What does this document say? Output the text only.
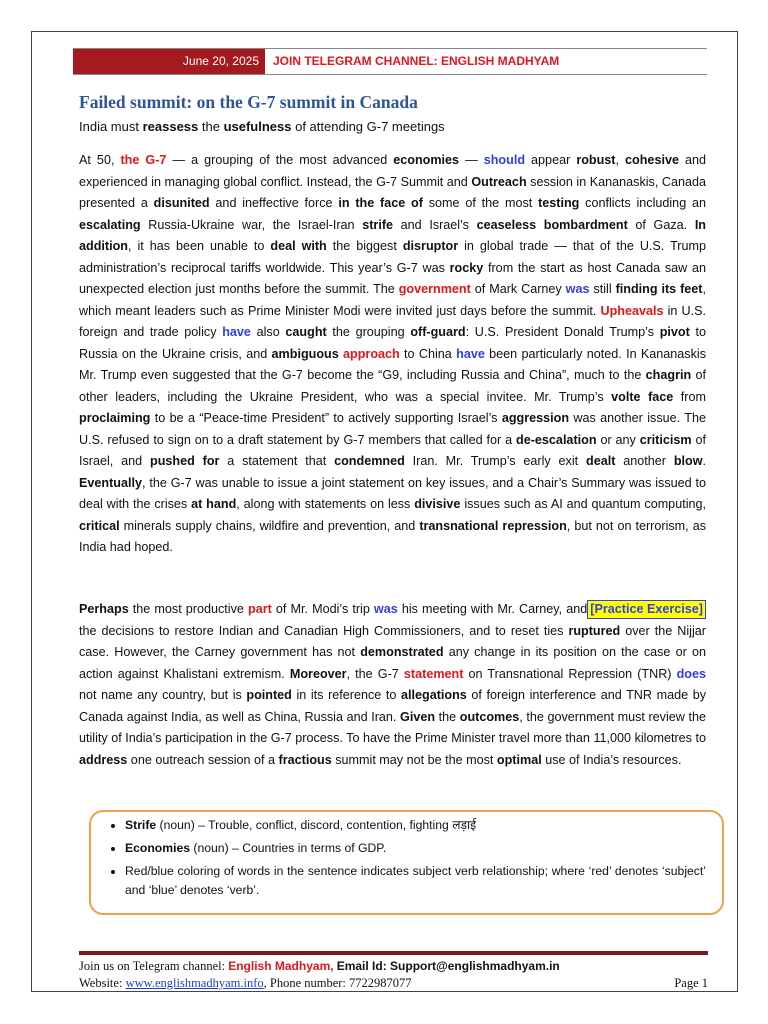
June 20, 2025	JOIN TELEGRAM CHANNEL: ENGLISH MADHYAM
Failed summit: on the G-7 summit in Canada

India must reassess the usefulness of attending G-7 meetings

At 50, the G-7 — a grouping of the most advanced economies — should appear robust, cohesive and experienced in managing global conflict. Instead, the G-7 Summit and Outreach session in Kananaskis, Canada presented a disunited and ineffective force in the face of some of the most testing conflicts including an escalating Russia-Ukraine war, the Israel-Iran strife and Israel’s ceaseless bombardment of Gaza. In addition, it has been unable to deal with the biggest disruptor in global trade — that of the U.S. Trump administration’s reciprocal tariffs worldwide. This year’s G-7 was rocky from the start as host Canada saw an unexpected election just months before the summit. The government of Mark Carney was still finding its feet, which meant leaders such as Prime Minister Modi were invited just days before the summit. Upheavals in U.S. foreign and trade policy have also caught the grouping off-guard: U.S. President Donald Trump’s pivot to Russia on the Ukraine crisis, and ambiguous approach to China have been particularly noted. In Kananaskis Mr. Trump even suggested that the G-7 become the “G9, including Russia and China”, much to the chagrin of other leaders, including the Ukraine President, who was a special invitee. Mr. Trump’s volte face from proclaiming to be a “Peace-time President” to actively supporting Israel’s aggression was another issue. The U.S. refused to sign on to a draft statement by G-7 members that called for a de-escalation or any criticism of Israel, and pushed for a statement that condemned Iran. Mr. Trump’s early exit dealt another blow. Eventually, the G-7 was unable to issue a joint statement on key issues, and a Chair’s Summary was issued to deal with the crises at hand, along with statements on less divisive issues such as AI and quantum computing, critical minerals supply chains, wildfire and prevention, and transnational repression, but not on terrorism, as India had hoped.

[Practice Exercise]
Perhaps the most productive part of Mr. Modi’s trip was his meeting with Mr. Carney, and the decisions to restore Indian and Canadian High Commissioners, and to reset ties ruptured over the Nijjar case. However, the Carney government has not demonstrated any change in its position on the case or on action against Khalistani extremism. Moreover, the G-7 statement on Transnational Repression (TNR) does not name any country, but is pointed in its reference to allegations of foreign interference and TNR made by Canada against India, as well as China, Russia and Iran. Given the outcomes, the government must review the utility of India’s participation in the G-7 process. To have the Prime Minister travel more than 11,000 kilometres to address one outreach session of a fractious summit may not be the most optimal use of India’s resources.

• Strife (noun) – Trouble, conflict, discord, contention, fighting लड़ाई
• Economies (noun) – Countries in terms of GDP.
• Red/blue coloring of words in the sentence indicates subject verb relationship; where ‘red’ denotes ‘subject’ and ‘blue’ denotes ‘verb’.
Join us on Telegram channel: English Madhyam, Email Id: Support@englishmadhyam.in
Website: www.englishmadhyam.info, Phone number: 7722987077	Page 1
